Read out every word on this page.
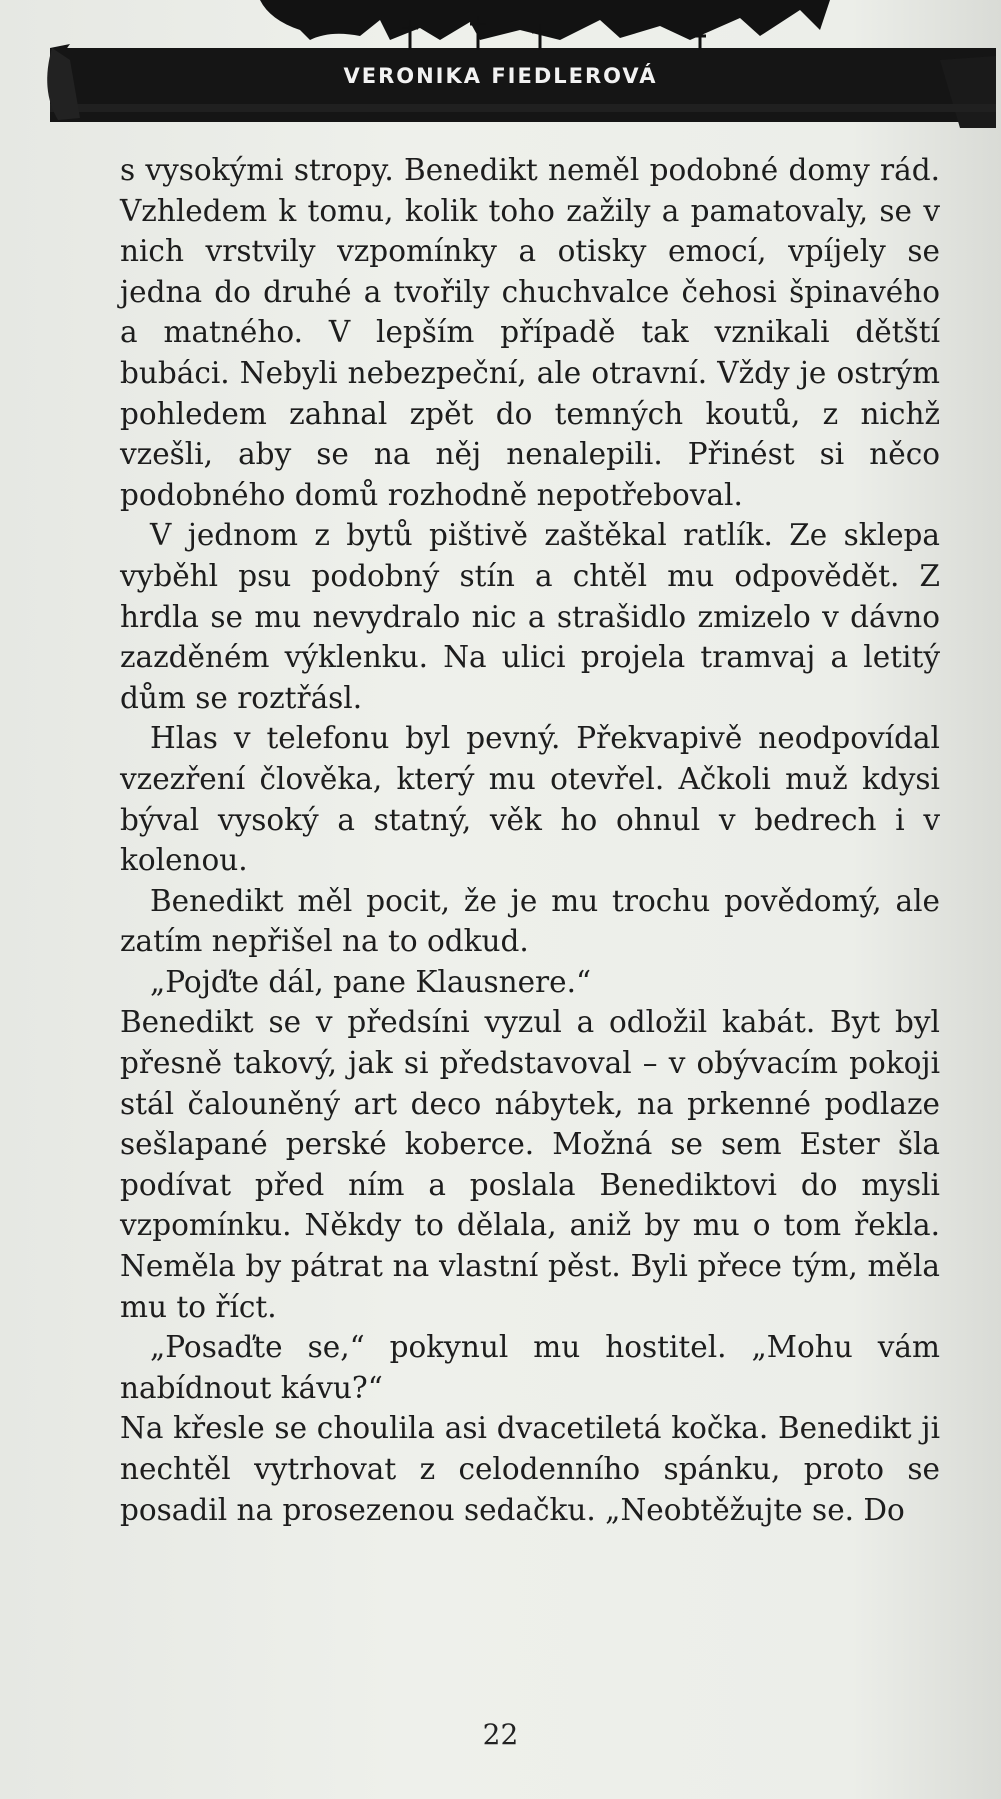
VERONIKA FIEDLEROVÁ

s vysokými stropy. Benedikt neměl podobné domy rád. Vzhledem k tomu, kolik toho zažily a pamatovaly, se v nich vrstvily vzpomínky a otisky emocí, vpíjely se jedna do druhé a tvořily chuchvalce čehosi špinavého a matného. V lepším případě tak vznikali dětští bubáci. Nebyli nebezpeční, ale otravní. Vždy je ostrým pohledem zahnal zpět do temných koutů, z nichž vzešli, aby se na něj nenalepili. Přinést si něco podobného domů rozhodně nepotřeboval.

V jednom z bytů pištivě zaštěkal ratlík. Ze sklepa vyběhl psu podobný stín a chtěl mu odpovědět. Z hrdla se mu nevydralo nic a strašidlo zmizelo v dávno zazděném výklenku. Na ulici projela tramvaj a letitý dům se roztřásl.

Hlas v telefonu byl pevný. Překvapivě neodpovídal vzezření člověka, který mu otevřel. Ačkoli muž kdysi býval vysoký a statný, věk ho ohnul v bedrech i v kolenou.

Benedikt měl pocit, že je mu trochu povědomý, ale zatím nepřišel na to odkud.

„Pojďte dál, pane Klausnere.“

Benedikt se v předsíni vyzul a odložil kabát. Byt byl přesně takový, jak si představoval – v obývacím pokoji stál čalouněný art deco nábytek, na prkenné podlaze sešlapané perské koberce. Možná se sem Ester šla podívat před ním a poslala Benediktovi do mysli vzpomínku. Někdy to dělala, aniž by mu o tom řekla. Neměla by pátrat na vlastní pěst. Byli přece tým, měla mu to říct.

„Posaďte se,“ pokynul mu hostitel. „Mohu vám nabídnout kávu?“

Na křesle se choulila asi dvacetiletá kočka. Benedikt ji nechtěl vytrhovat z celodenního spánku, proto se posadil na prosezenou sedačku. „Neobtěžujte se. Do

22
